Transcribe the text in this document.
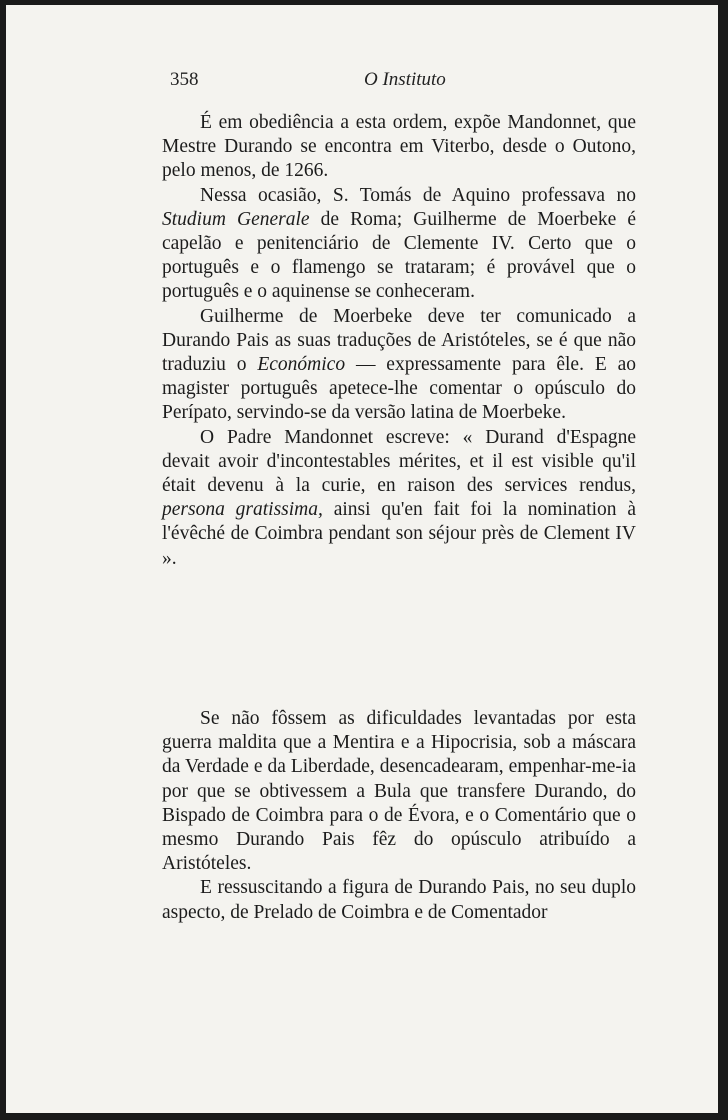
358	O Instituto

É em obediência a esta ordem, expõe Mandonnet, que Mestre Durando se encontra em Viterbo, desde o Outono, pelo menos, de 1266.

Nessa ocasião, S. Tomás de Aquino professava no Studium Generale de Roma; Guilherme de Moerbeke é capelão e penitenciário de Clemente IV. Certo que o português e o flamengo se trataram; é provável que o português e o aquinense se conheceram.

Guilherme de Moerbeke deve ter comunicado a Durando Pais as suas traduções de Aristóteles, se é que não traduziu o Económico — expressamente para êle. E ao magister português apetece-lhe comentar o opúsculo do Perípato, servindo-se da versão latina de Moerbeke.

O Padre Mandonnet escreve: « Durand d'Espagne devait avoir d'incontestables mérites, et il est visible qu'il était devenu à la curie, en raison des services rendus, persona gratissima, ainsi qu'en fait foi la nomination à l'évêché de Coimbra pendant son séjour près de Clement IV ».

Se não fôssem as dificuldades levantadas por esta guerra maldita que a Mentira e a Hipocrisia, sob a máscara da Verdade e da Liberdade, desencadearam, empenhar-me-ia por que se obtivessem a Bula que transfere Durando, do Bispado de Coimbra para o de Évora, e o Comentário que o mesmo Durando Pais fêz do opúsculo atribuído a Aristóteles.

E ressuscitando a figura de Durando Pais, no seu duplo aspecto, de Prelado de Coimbra e de Comentador
